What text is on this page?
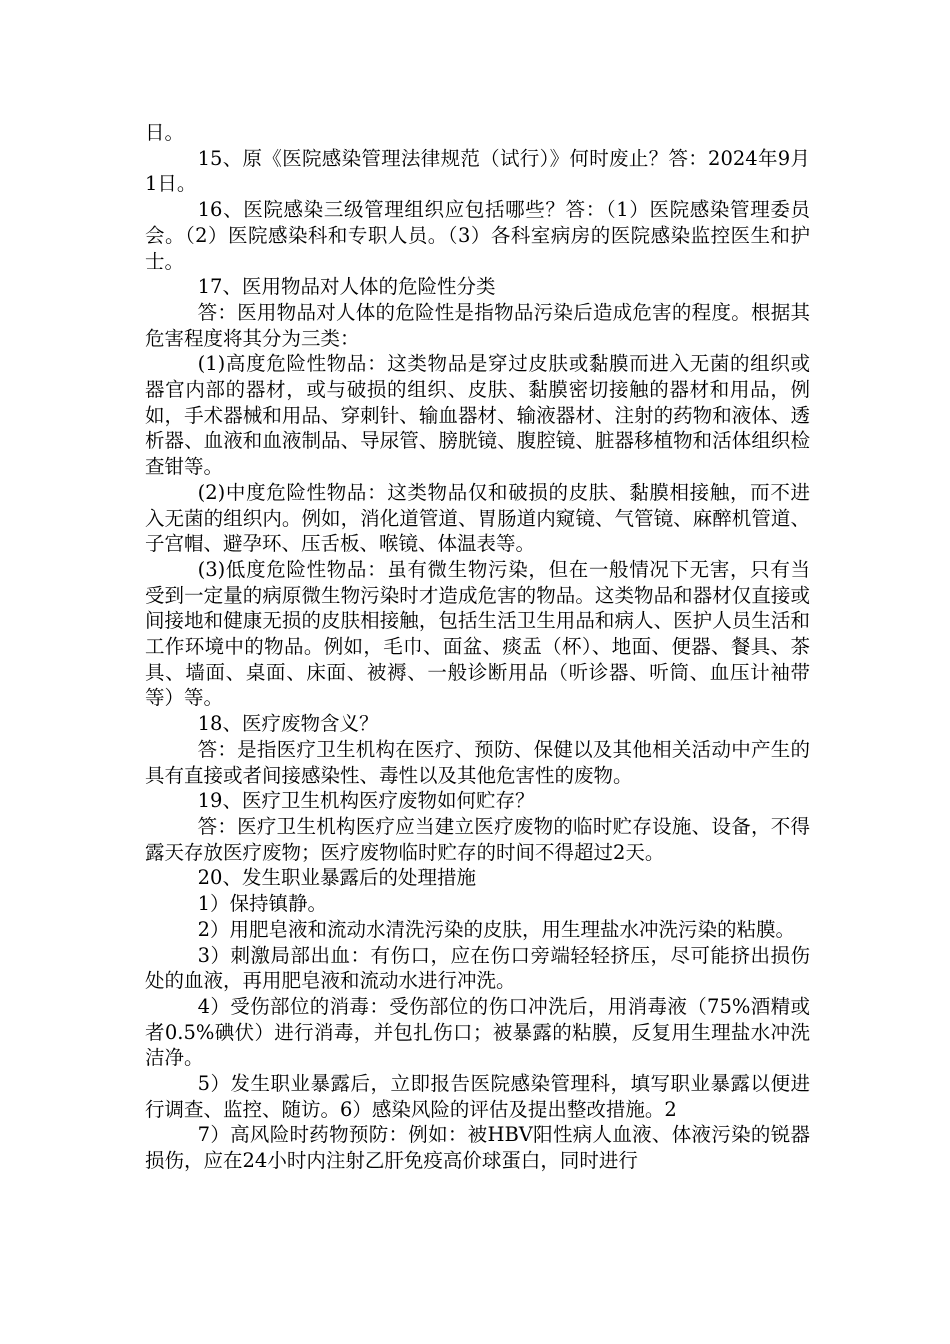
日。

15、原《医院感染管理法律规范（试行）》何时废止？答：2024年9月1日。

16、医院感染三级管理组织应包括哪些？答：（1）医院感染管理委员会。（2）医院感染科和专职人员。（3）各科室病房的医院感染监控医生和护士。

17、医用物品对人体的危险性分类

答：医用物品对人体的危险性是指物品污染后造成危害的程度。根据其危害程度将其分为三类：

(1)高度危险性物品：这类物品是穿过皮肤或黏膜而进入无菌的组织或器官内部的器材，或与破损的组织、皮肤、黏膜密切接触的器材和用品，例如，手术器械和用品、穿刺针、输血器材、输液器材、注射的药物和液体、透析器、血液和血液制品、导尿管、膀胱镜、腹腔镜、脏器移植物和活体组织检查钳等。

(2)中度危险性物品：这类物品仅和破损的皮肤、黏膜相接触，而不进入无菌的组织内。例如，消化道管道、胃肠道内窥镜、气管镜、麻醉机管道、子宫帽、避孕环、压舌板、喉镜、体温表等。

(3)低度危险性物品：虽有微生物污染，但在一般情况下无害，只有当受到一定量的病原微生物污染时才造成危害的物品。这类物品和器材仅直接或间接地和健康无损的皮肤相接触，包括生活卫生用品和病人、医护人员生活和工作环境中的物品。例如，毛巾、面盆、痰盂（杯）、地面、便器、餐具、茶具、墙面、桌面、床面、被褥、一般诊断用品（听诊器、听筒、血压计袖带等）等。

18、医疗废物含义？

答：是指医疗卫生机构在医疗、预防、保健以及其他相关活动中产生的具有直接或者间接感染性、毒性以及其他危害性的废物。

19、医疗卫生机构医疗废物如何贮存？

答：医疗卫生机构医疗应当建立医疗废物的临时贮存设施、设备，不得露天存放医疗废物；医疗废物临时贮存的时间不得超过2天。

20、发生职业暴露后的处理措施

1）保持镇静。

2）用肥皂液和流动水清洗污染的皮肤，用生理盐水冲洗污染的粘膜。

3）刺激局部出血：有伤口，应在伤口旁端轻轻挤压，尽可能挤出损伤处的血液，再用肥皂液和流动水进行冲洗。

4）受伤部位的消毒：受伤部位的伤口冲洗后，用消毒液（75%酒精或者0.5%碘伏）进行消毒，并包扎伤口；被暴露的粘膜，反复用生理盐水冲洗洁净。

5）发生职业暴露后，立即报告医院感染管理科，填写职业暴露以便进行调查、监控、随访。6）感染风险的评估及提出整改措施。2

7）高风险时药物预防：例如：被HBV阳性病人血液、体液污染的锐器损伤，应在24小时内注射乙肝免疫高价球蛋白，同时进行
